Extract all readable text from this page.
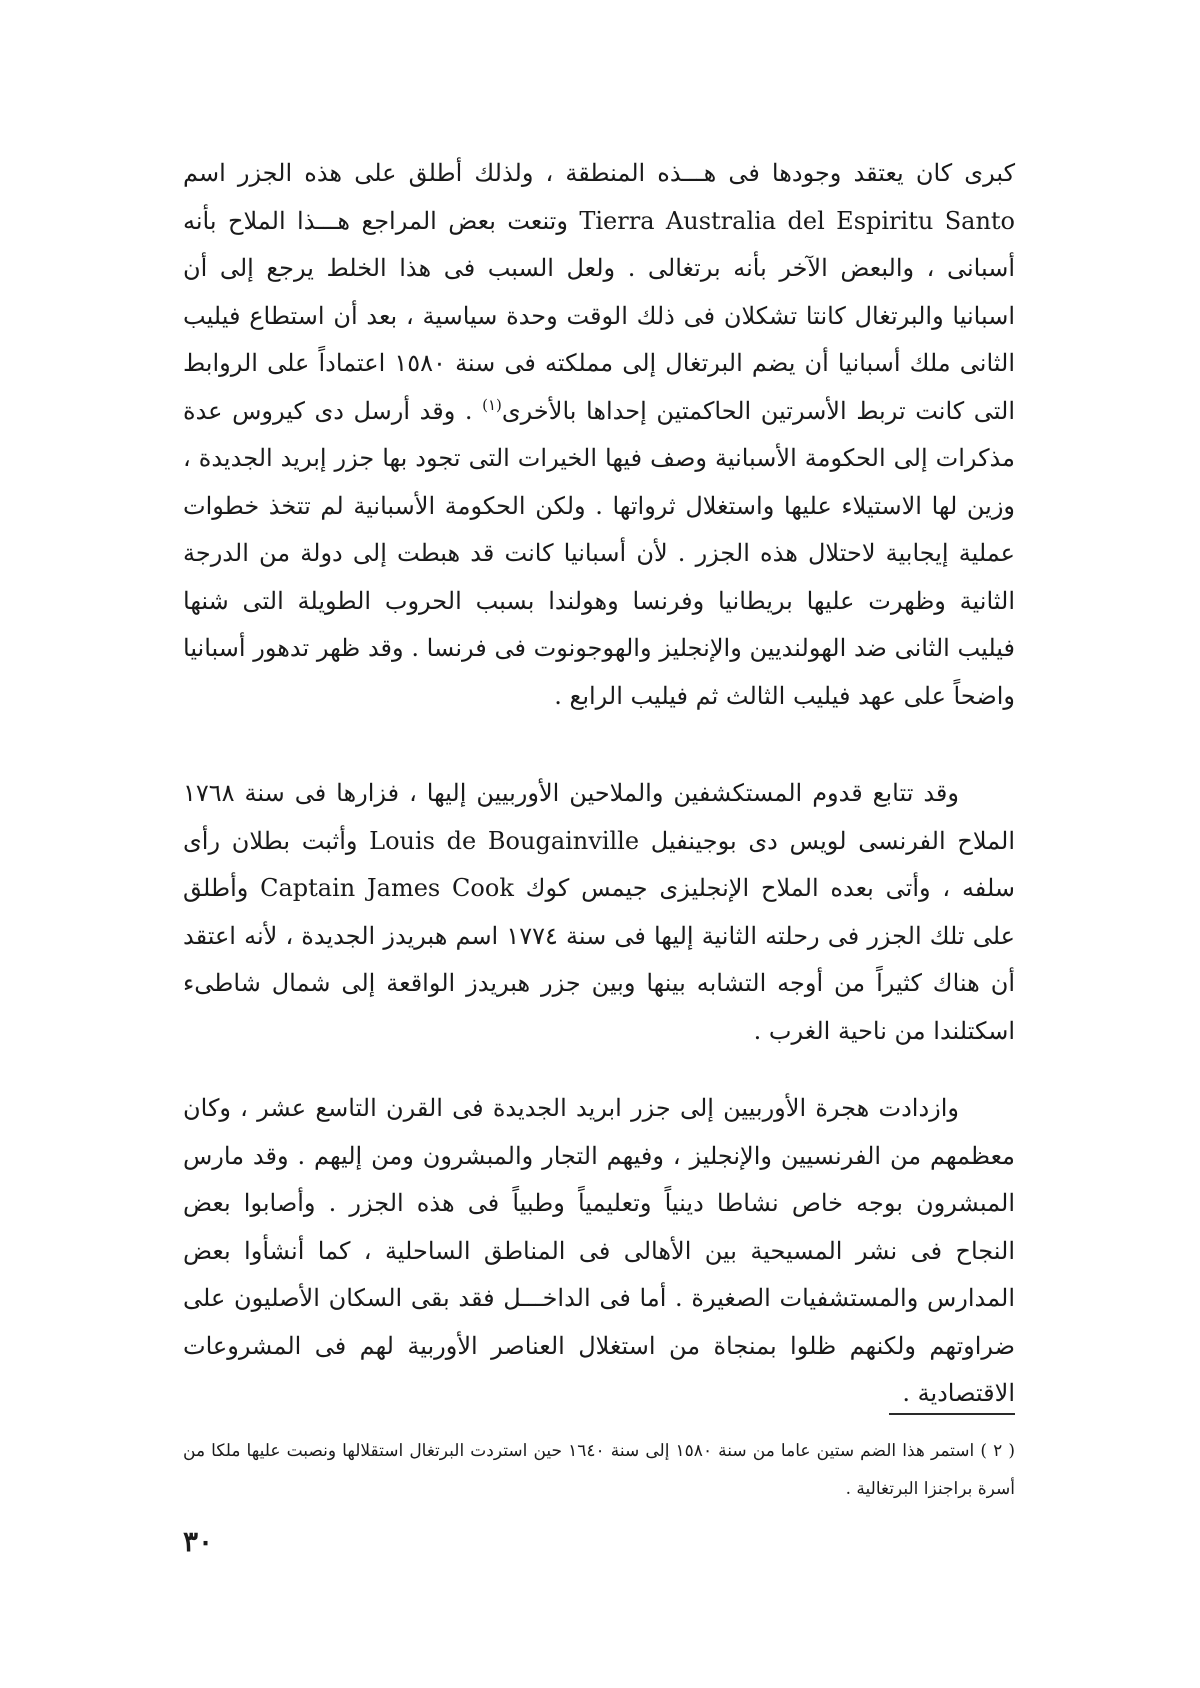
كبرى كان يعتقد وجودها فى هـــذه المنطقة ، ولذلك أطلق على هذه الجزر اسم Tierra Australia del Espiritu Santo وتنعت بعض المراجع هـــذا الملاح بأنه أسبانى ، والبعض الآخر بأنه برتغالى . ولعل السبب فى هذا الخلط يرجع إلى أن اسبانيا والبرتغال كانتا تشكلان فى ذلك الوقت وحدة سياسية ، بعد أن استطاع فيليب الثانى ملك أسبانيا أن يضم البرتغال إلى مملكته فى سنة ١٥٨٠ اعتماداً على الروابط التى كانت تربط الأسرتين الحاكمتين إحداها بالأخرى$^{(١)}$ . وقد أرسل دى كيروس عدة مذكرات إلى الحكومة الأسبانية وصف فيها الخيرات التى تجود بها جزر إبريد الجديدة ، وزين لها الاستيلاء عليها واستغلال ثرواتها . ولكن الحكومة الأسبانية لم تتخذ خطوات عملية إيجابية لاحتلال هذه الجزر . لأن أسبانيا كانت قد هبطت إلى دولة من الدرجة الثانية وظهرت عليها بريطانيا وفرنسا وهولندا بسبب الحروب الطويلة التى شنها فيليب الثانى ضد الهولنديين والإنجليز والهوجونوت فى فرنسا . وقد ظهر تدهور أسبانيا واضحاً على عهد فيليب الثالث ثم فيليب الرابع .

وقد تتابع قدوم المستكشفين والملاحين الأوربيين إليها ، فزارها فى سنة ١٧٦٨ الملاح الفرنسى لويس دى بوجينفيل Louis de Bougainville وأثبت بطلان رأى سلفه ، وأتى بعده الملاح الإنجليزى جيمس كوك Captain James Cook وأطلق على تلك الجزر فى رحلته الثانية إليها فى سنة ١٧٧٤ اسم هبريدز الجديدة ، لأنه اعتقد أن هناك كثيراً من أوجه التشابه بينها وبين جزر هبريدز الواقعة إلى شمال شاطىء اسكتلندا من ناحية الغرب .

وازدادت هجرة الأوربيين إلى جزر ابريد الجديدة فى القرن التاسع عشر ، وكان معظمهم من الفرنسيين والإنجليز ، وفيهم التجار والمبشرون ومن إليهم . وقد مارس المبشرون بوجه خاص نشاطا دينياً وتعليمياً وطبياً فى هذه الجزر . وأصابوا بعض النجاح فى نشر المسيحية بين الأهالى فى المناطق الساحلية ، كما أنشأوا بعض المدارس والمستشفيات الصغيرة . أما فى الداخـــل فقد بقى السكان الأصليون على ضراوتهم ولكنهم ظلوا بمنجاة من استغلال العناصر الأوربية لهم فى المشروعات الاقتصادية .

( ٢ ) استمر هذا الضم ستين عاما من سنة ١٥٨٠ إلى سنة ١٦٤٠ حين استردت البرتغال استقلالها ونصبت عليها ملكا من أسرة براجنزا البرتغالية .

٣٠
